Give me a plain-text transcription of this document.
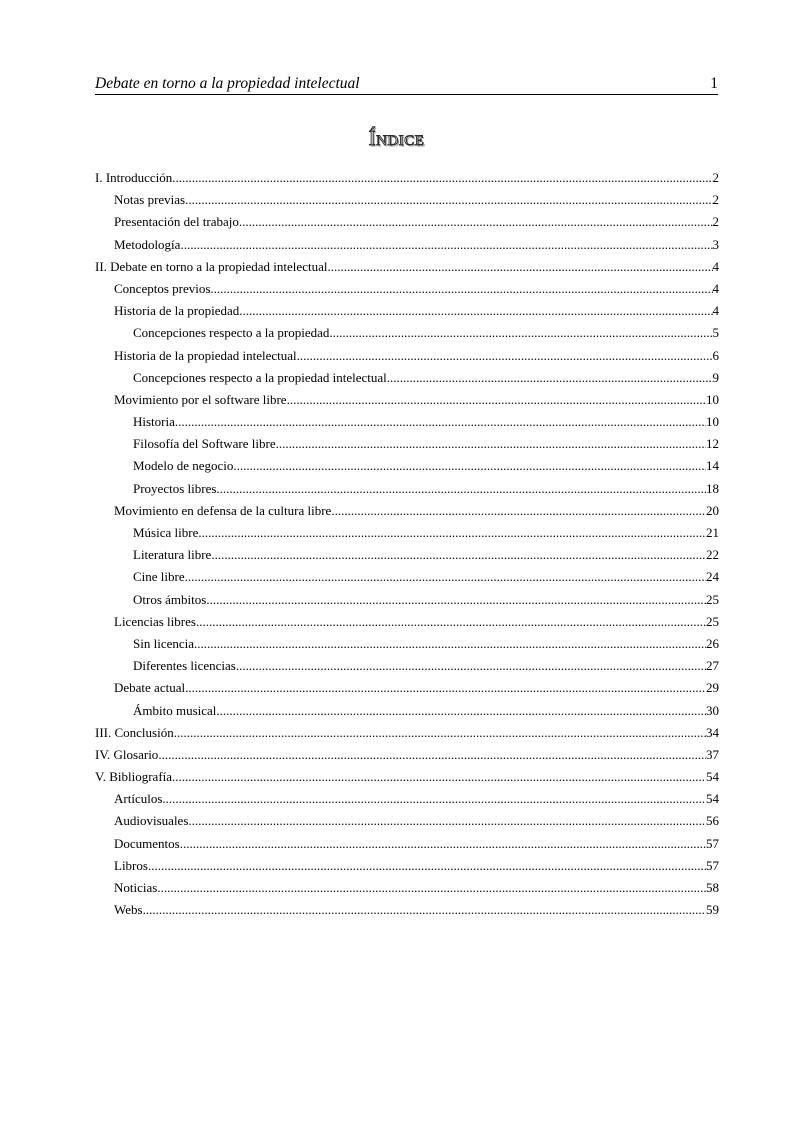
Debate en torno a la propiedad intelectual	1
Índice
I. Introducción .....	2
Notas previas .....	2
Presentación del trabajo .....	2
Metodología .....	3
II. Debate en torno a la propiedad intelectual .....	4
Conceptos previos .....	4
Historia de la propiedad .....	4
Concepciones respecto a la propiedad .....	5
Historia de la propiedad intelectual .....	6
Concepciones respecto a la propiedad intelectual .....	9
Movimiento por el software libre .....	10
Historia .....	10
Filosofía del Software libre .....	12
Modelo de negocio .....	14
Proyectos libres .....	18
Movimiento en defensa de la cultura libre .....	20
Música libre .....	21
Literatura libre .....	22
Cine libre .....	24
Otros ámbitos .....	25
Licencias libres .....	25
Sin licencia .....	26
Diferentes licencias .....	27
Debate actual .....	29
Ámbito musical .....	30
III. Conclusión .....	34
IV. Glosario .....	37
V. Bibliografía .....	54
Artículos .....	54
Audiovisuales .....	56
Documentos .....	57
Libros .....	57
Noticias .....	58
Webs .....	59
